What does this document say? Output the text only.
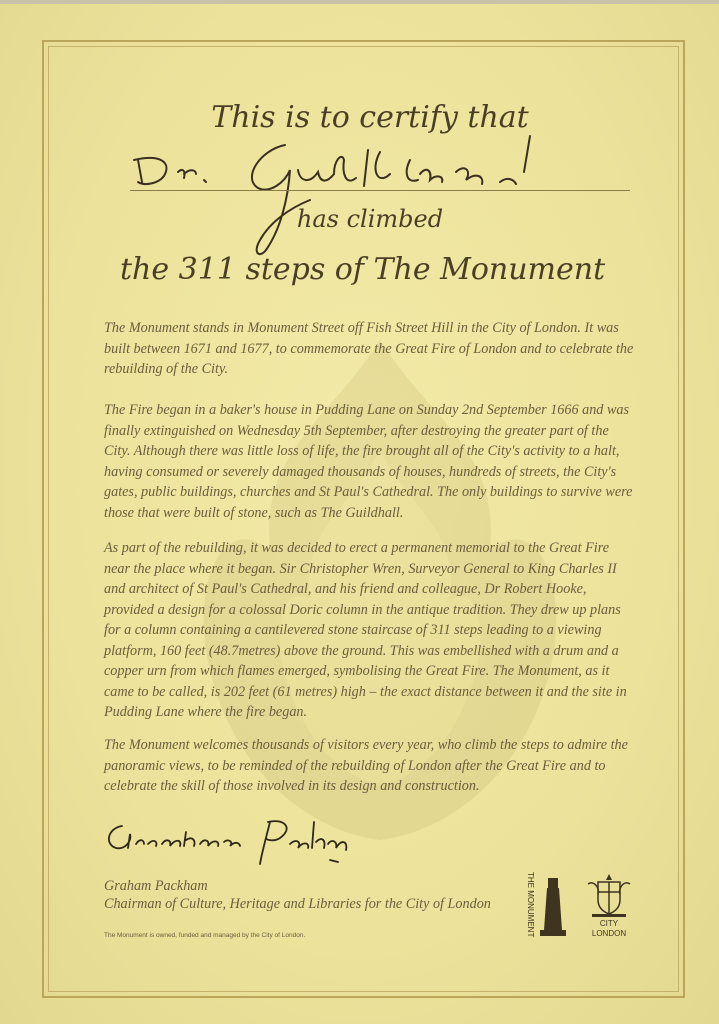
This is to certify that
has climbed
the 311 steps of The Monument

The Monument stands in Monument Street off Fish Street Hill in the City of London. It was built between 1671 and 1677, to commemorate the Great Fire of London and to celebrate the rebuilding of the City.

The Fire began in a baker's house in Pudding Lane on Sunday 2nd September 1666 and was finally extinguished on Wednesday 5th September, after destroying the greater part of the City. Although there was little loss of life, the fire brought all of the City's activity to a halt, having consumed or severely damaged thousands of houses, hundreds of streets, the City's gates, public buildings, churches and St Paul's Cathedral. The only buildings to survive were those that were built of stone, such as The Guildhall.

As part of the rebuilding, it was decided to erect a permanent memorial to the Great Fire near the place where it began. Sir Christopher Wren, Surveyor General to King Charles II and architect of St Paul's Cathedral, and his friend and colleague, Dr Robert Hooke, provided a design for a colossal Doric column in the antique tradition. They drew up plans for a column containing a cantilevered stone staircase of 311 steps leading to a viewing platform, 160 feet (48.7metres) above the ground. This was embellished with a drum and a copper urn from which flames emerged, symbolising the Great Fire. The Monument, as it came to be called, is 202 feet (61 metres) high – the exact distance between it and the site in Pudding Lane where the fire began.

The Monument welcomes thousands of visitors every year, who climb the steps to admire the panoramic views, to be reminded of the rebuilding of London after the Great Fire and to celebrate the skill of those involved in its design and construction.

Graham Packham
Chairman of Culture, Heritage and Libraries for the City of London
The Monument is owned, funded and managed by the City of London.	THE MONUMENT	CITY
LONDON
